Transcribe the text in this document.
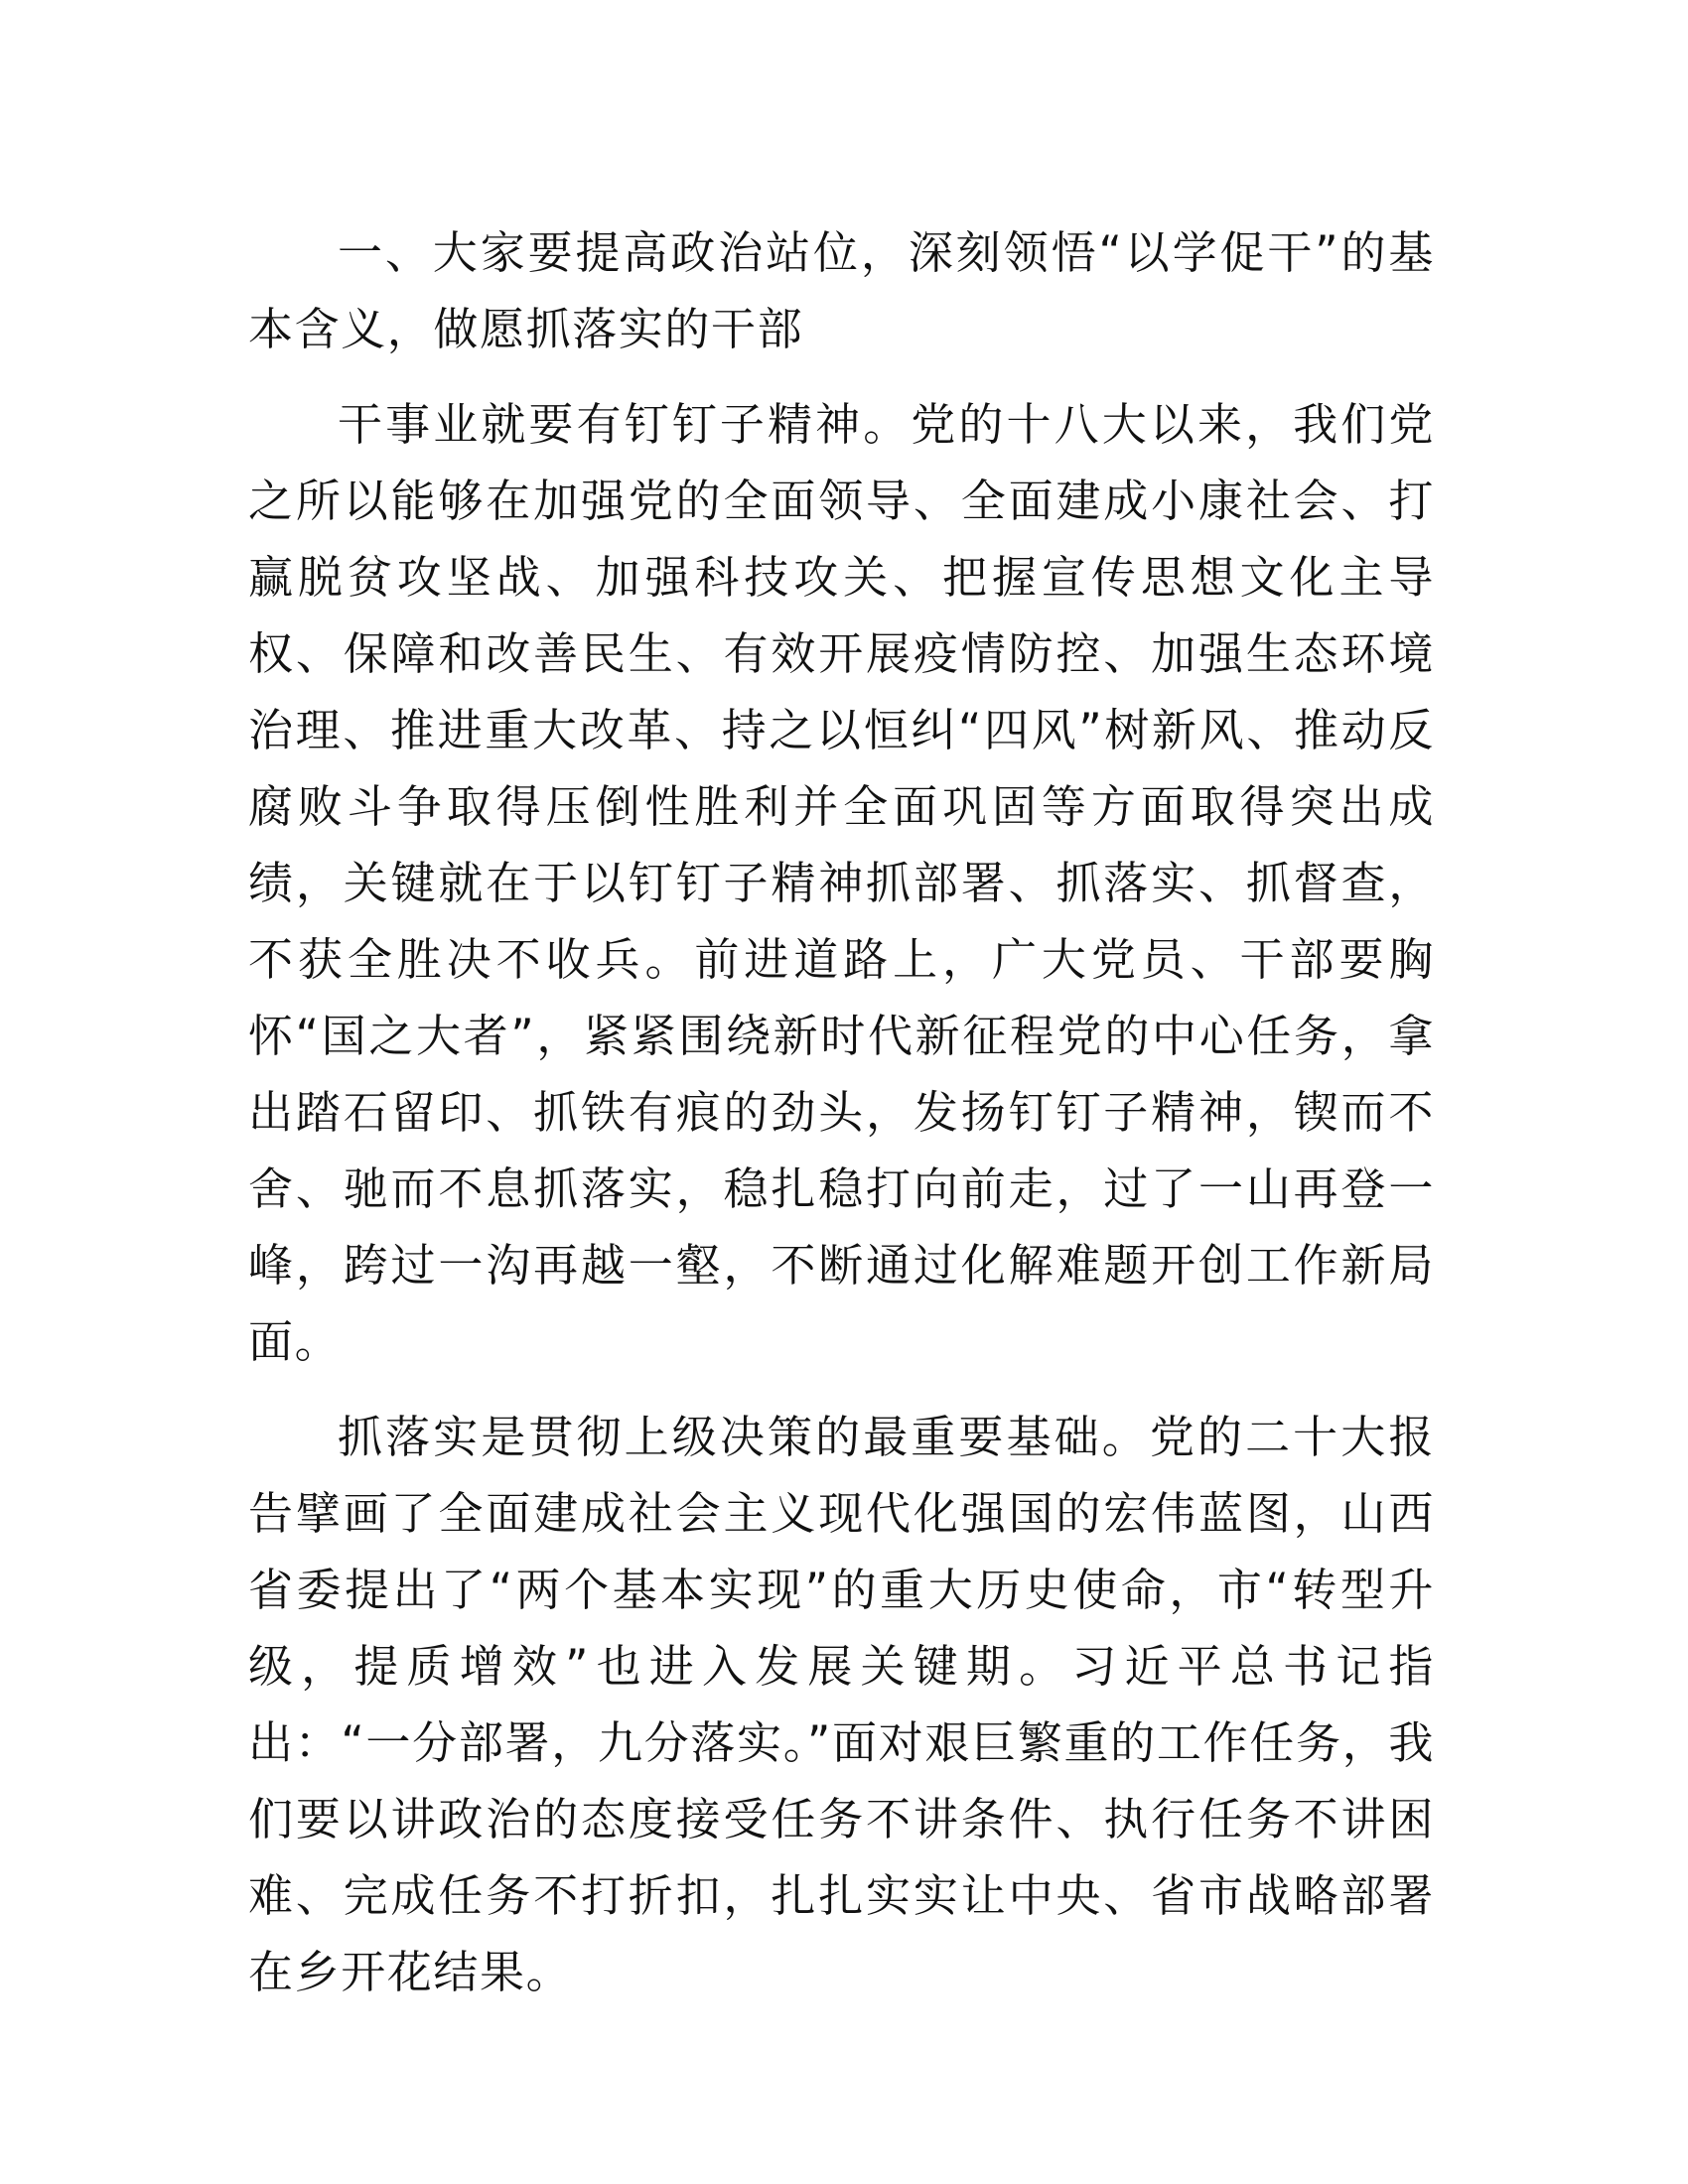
一、大家要提高政治站位，深刻领悟“以学促干”的基本含义，做愿抓落实的干部

干事业就要有钉钉子精神。党的十八大以来，我们党之所以能够在加强党的全面领导、全面建成小康社会、打赢脱贫攻坚战、加强科技攻关、把握宣传思想文化主导权、保障和改善民生、有效开展疫情防控、加强生态环境治理、推进重大改革、持之以恒纠“四风”树新风、推动反腐败斗争取得压倒性胜利并全面巩固等方面取得突出成绩，关键就在于以钉钉子精神抓部署、抓落实、抓督查，不获全胜决不收兵。前进道路上，广大党员、干部要胸怀“国之大者”，紧紧围绕新时代新征程党的中心任务，拿出踏石留印、抓铁有痕的劲头，发扬钉钉子精神，锲而不舍、驰而不息抓落实，稳扎稳打向前走，过了一山再登一峰，跨过一沟再越一壑，不断通过化解难题开创工作新局面。

抓落实是贯彻上级决策的最重要基础。党的二十大报告擘画了全面建成社会主义现代化强国的宏伟蓝图，山西省委提出了“两个基本实现”的重大历史使命，市“转型升级，提质增效”也进入发展关键期。习近平总书记指出：“一分部署，九分落实。”面对艰巨繁重的工作任务，我们要以讲政治的态度接受任务不讲条件、执行任务不讲困难、完成任务不打折扣，扎扎实实让中央、省市战略部署在乡开花结果。
